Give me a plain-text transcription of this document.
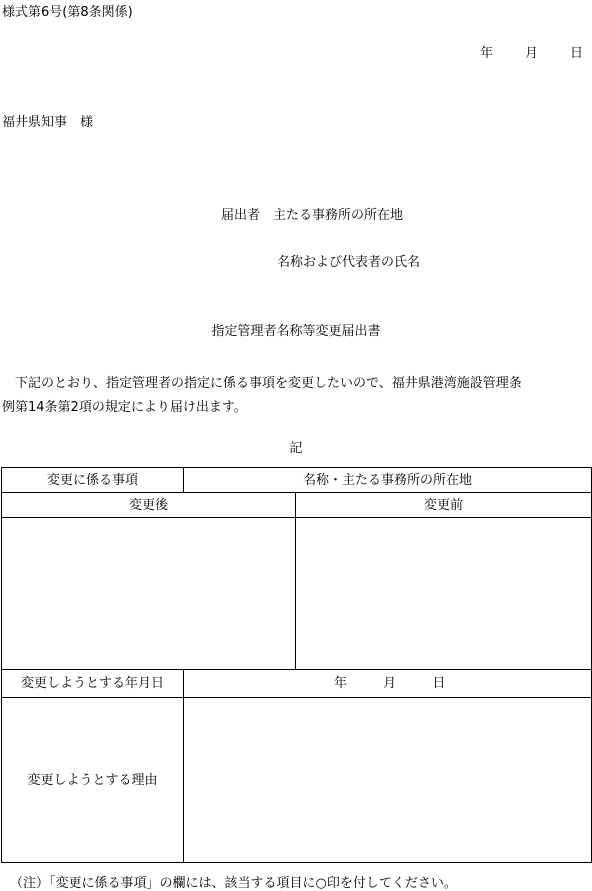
様式第6号(第8条関係)
年 月 日
福井県知事　様
届出者　主たる事務所の所在地
名称および代表者の氏名
指定管理者名称等変更届出書
　下記のとおり、指定管理者の指定に係る事項を変更したいので、福井県港湾施設管理条
例第14条第2項の規定により届け出ます。
記
変更に係る事項	名称・主たる事務所の所在地	
変更後		変更前

変更しようとする年月日	年 月 日	
変更しようとする理由		
（注）「変更に係る事項」の欄には、該当する項目に○印を付してください。
